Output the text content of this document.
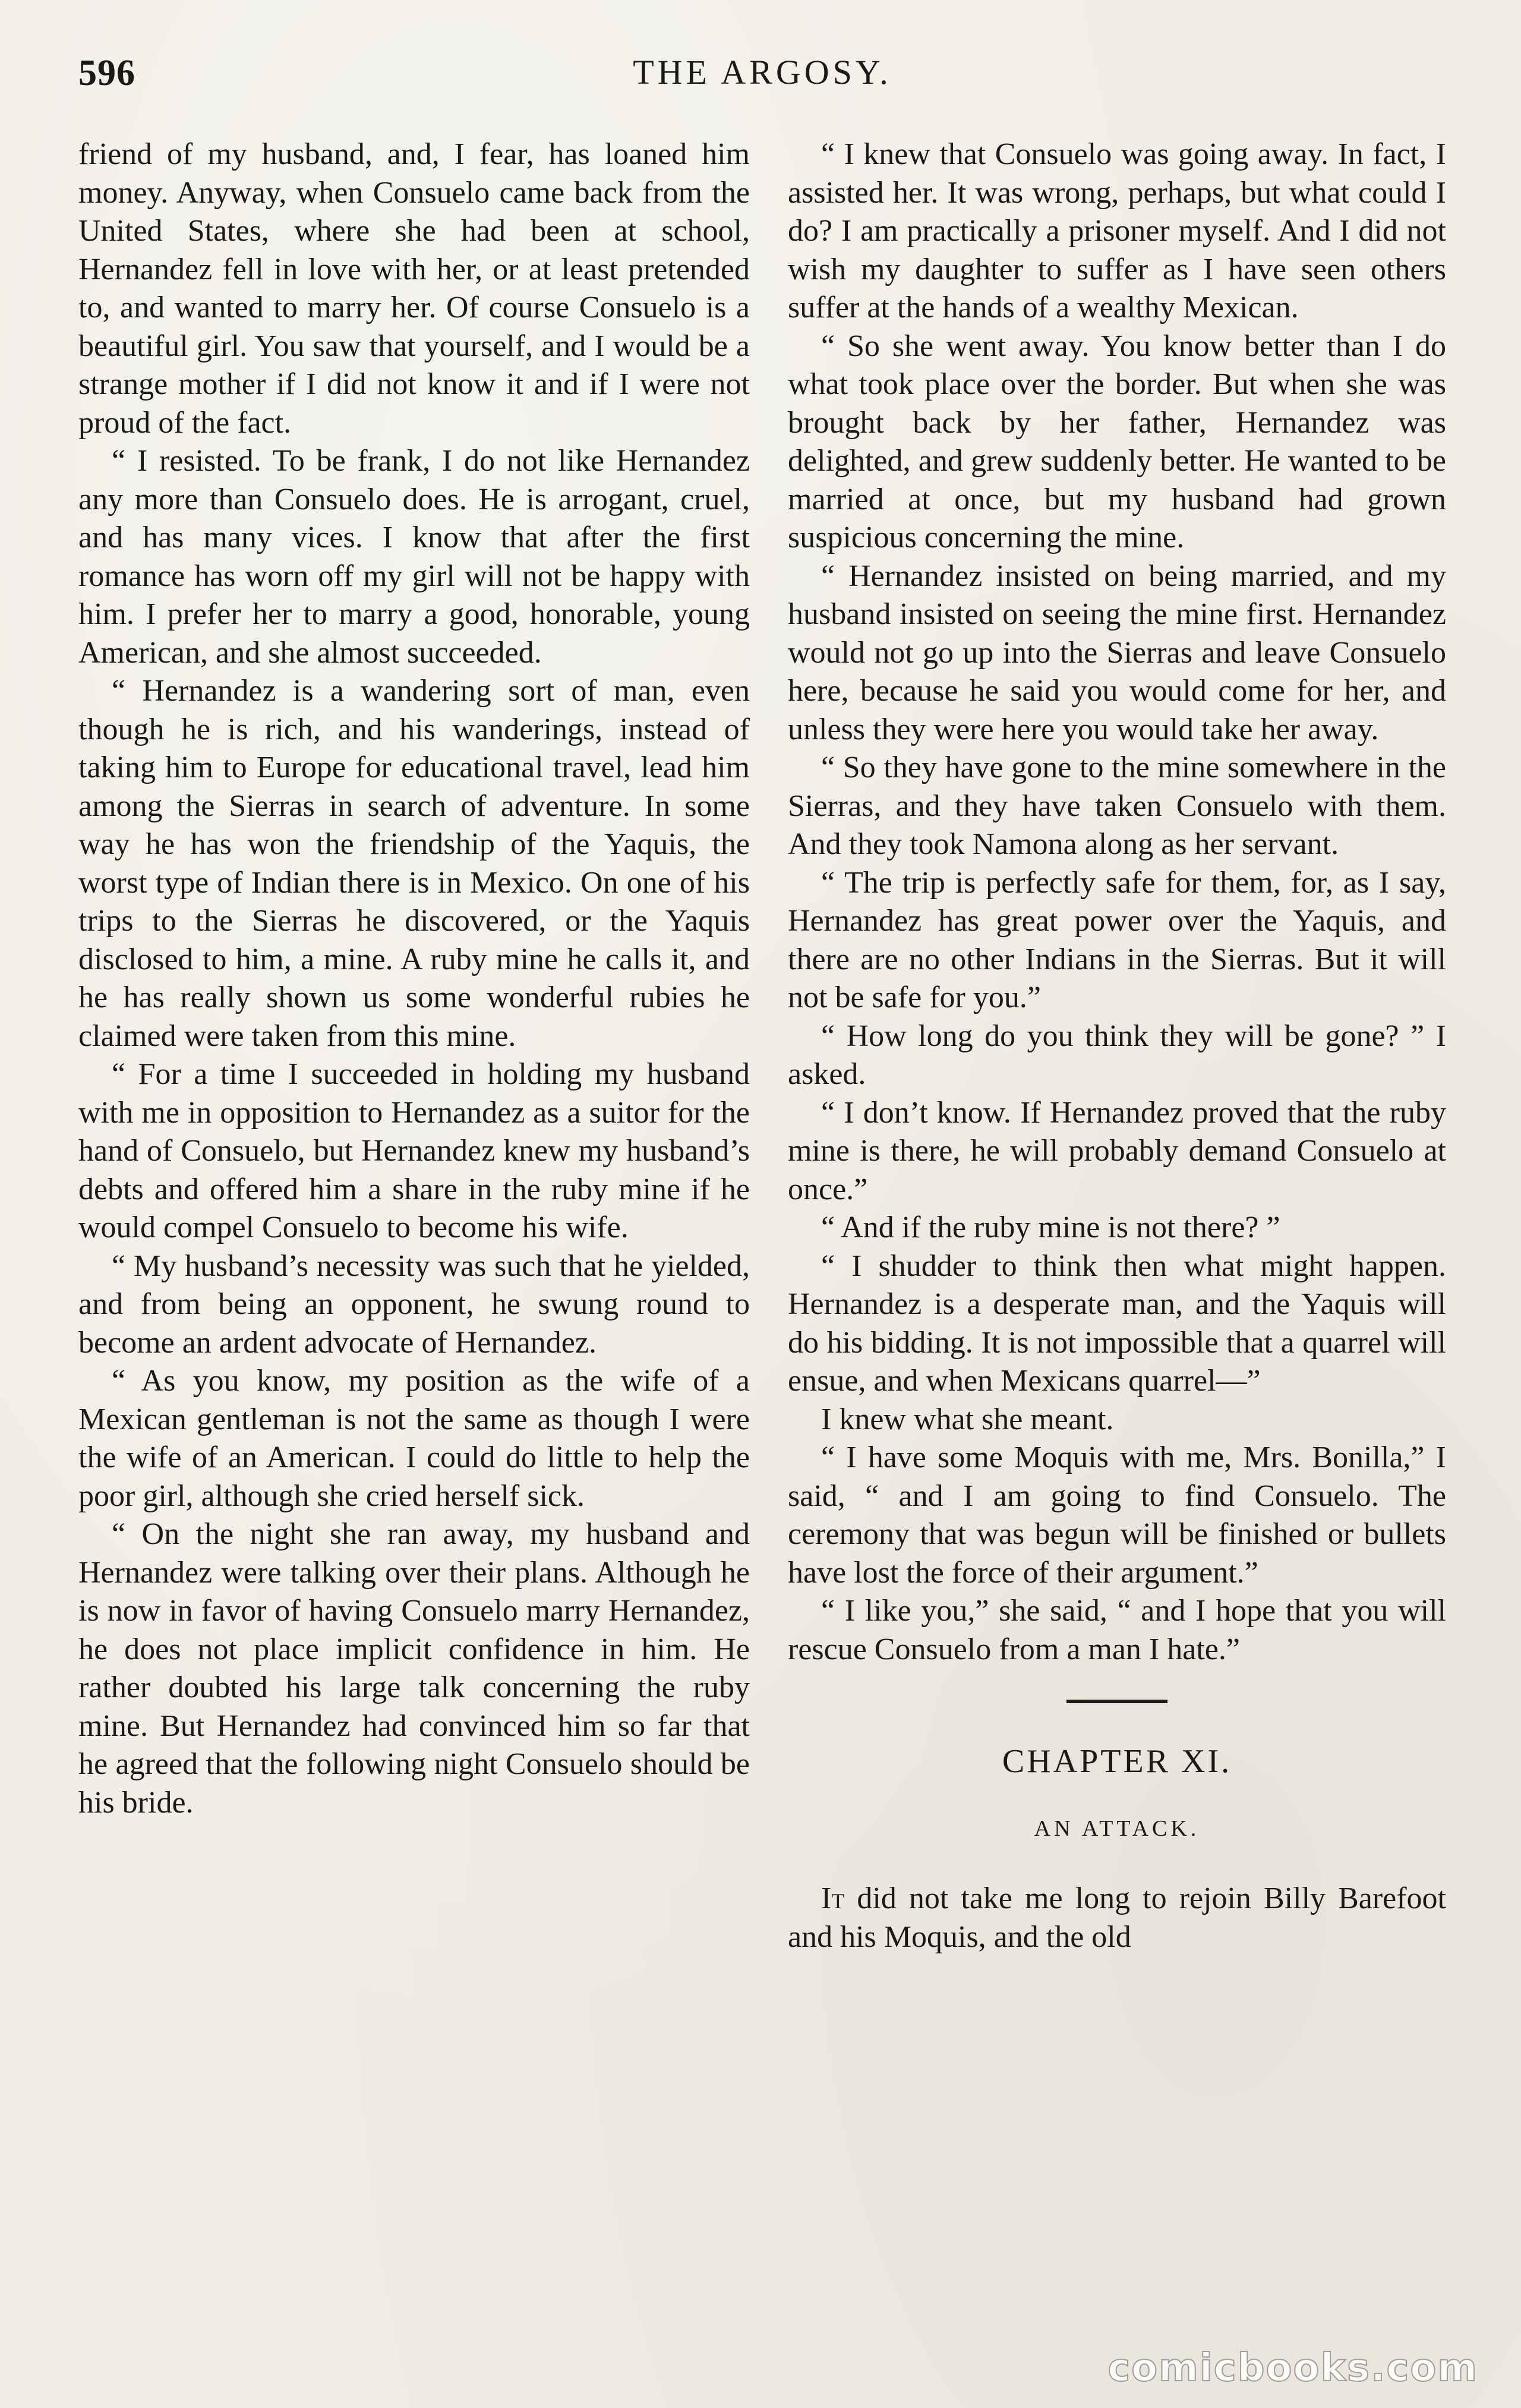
596	THE ARGOSY.

friend of my husband, and, I fear, has loaned him money. Anyway, when Consuelo came back from the United States, where she had been at school, Hernandez fell in love with her, or at least pretended to, and wanted to marry her. Of course Consuelo is a beautiful girl. You saw that yourself, and I would be a strange mother if I did not know it and if I were not proud of the fact.

“ I resisted. To be frank, I do not like Hernandez any more than Consuelo does. He is arrogant, cruel, and has many vices. I know that after the first romance has worn off my girl will not be happy with him. I prefer her to marry a good, honorable, young American, and she almost succeeded.

“ Hernandez is a wandering sort of man, even though he is rich, and his wanderings, instead of taking him to Europe for educational travel, lead him among the Sierras in search of adventure. In some way he has won the friendship of the Yaquis, the worst type of Indian there is in Mexico. On one of his trips to the Sierras he discovered, or the Yaquis disclosed to him, a mine. A ruby mine he calls it, and he has really shown us some wonderful rubies he claimed were taken from this mine.

“ For a time I succeeded in holding my husband with me in opposition to Hernandez as a suitor for the hand of Consuelo, but Hernandez knew my husband’s debts and offered him a share in the ruby mine if he would compel Consuelo to become his wife.

“ My husband’s necessity was such that he yielded, and from being an opponent, he swung round to become an ardent advocate of Hernandez.

“ As you know, my position as the wife of a Mexican gentleman is not the same as though I were the wife of an American. I could do little to help the poor girl, although she cried herself sick.

“ On the night she ran away, my husband and Hernandez were talking over their plans. Although he is now in favor of having Consuelo marry Hernandez, he does not place implicit confidence in him. He rather doubted his large talk concerning the ruby mine. But Hernandez had convinced him so far that he agreed that the following night Consuelo should be his bride.

“ I knew that Consuelo was going away. In fact, I assisted her. It was wrong, perhaps, but what could I do? I am practically a prisoner myself. And I did not wish my daughter to suffer as I have seen others suffer at the hands of a wealthy Mexican.

“ So she went away. You know better than I do what took place over the border. But when she was brought back by her father, Hernandez was delighted, and grew suddenly better. He wanted to be married at once, but my husband had grown suspicious concerning the mine.

“ Hernandez insisted on being married, and my husband insisted on seeing the mine first. Hernandez would not go up into the Sierras and leave Consuelo here, because he said you would come for her, and unless they were here you would take her away.

“ So they have gone to the mine somewhere in the Sierras, and they have taken Consuelo with them. And they took Namona along as her servant.

“ The trip is perfectly safe for them, for, as I say, Hernandez has great power over the Yaquis, and there are no other Indians in the Sierras. But it will not be safe for you.”

“ How long do you think they will be gone? ” I asked.

“ I don’t know. If Hernandez proved that the ruby mine is there, he will probably demand Consuelo at once.”

“ And if the ruby mine is not there? ”

“ I shudder to think then what might happen. Hernandez is a desperate man, and the Yaquis will do his bidding. It is not impossible that a quarrel will ensue, and when Mexicans quarrel—”

I knew what she meant.

“ I have some Moquis with me, Mrs. Bonilla,” I said, “ and I am going to find Consuelo. The ceremony that was begun will be finished or bullets have lost the force of their argument.”

“ I like you,” she said, “ and I hope that you will rescue Consuelo from a man I hate.”

CHAPTER XI.

AN ATTACK.

It did not take me long to rejoin Billy Barefoot and his Moquis, and the old

comicbooks.com
